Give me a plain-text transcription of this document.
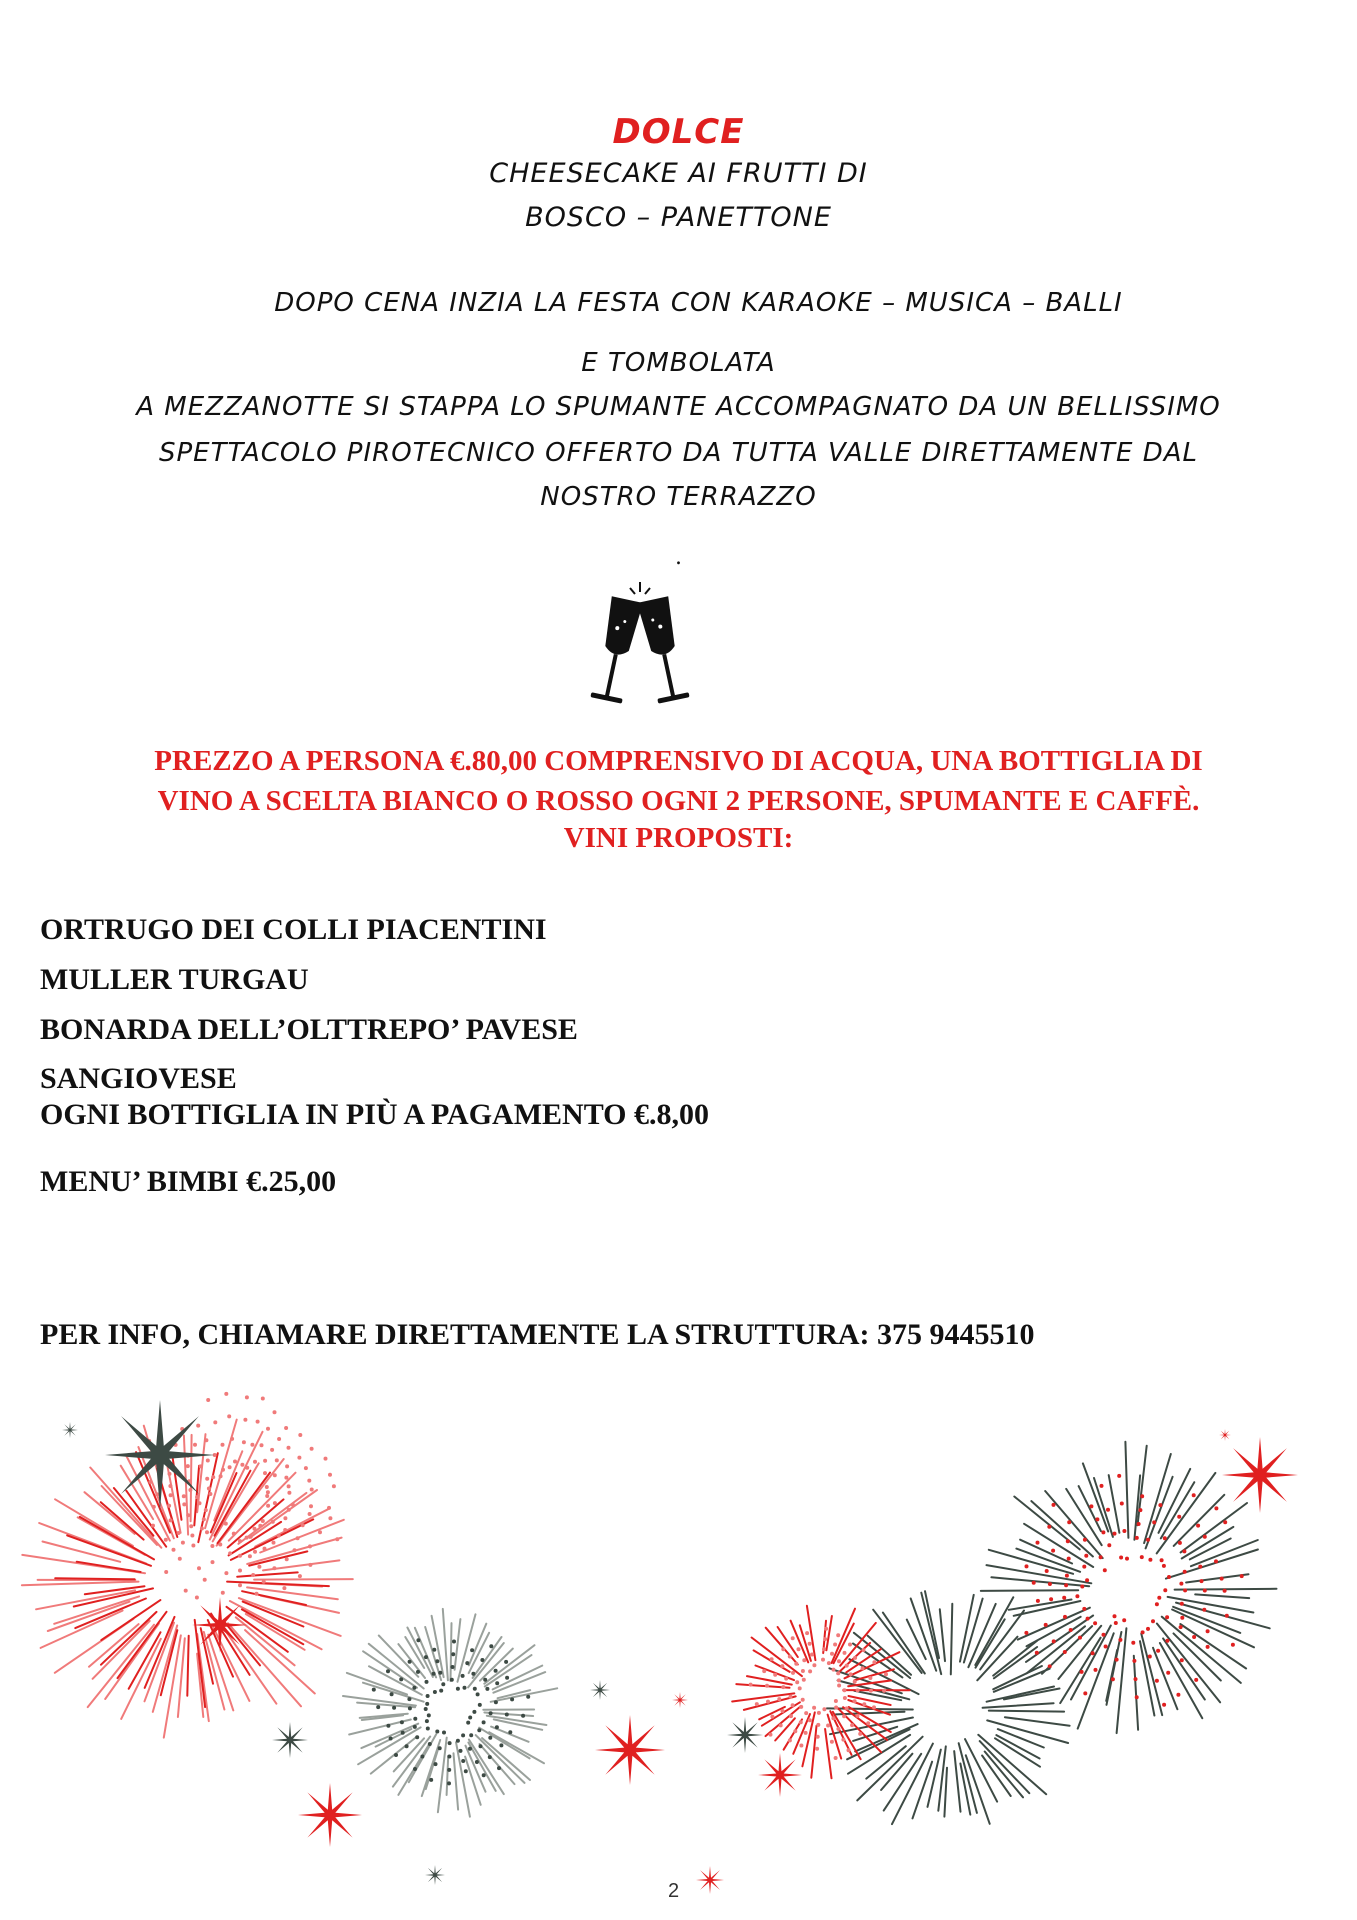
DOLCE
CHEESECAKE AI FRUTTI DI
BOSCO – PANETTONE
DOPO CENA INZIA LA FESTA CON KARAOKE – MUSICA – BALLI
E TOMBOLATA
A MEZZANOTTE SI STAPPA LO SPUMANTE ACCOMPAGNATO DA UN BELLISSIMO
SPETTACOLO PIROTECNICO OFFERTO DA TUTTA VALLE DIRETTAMENTE DAL
NOSTRO TERRAZZO
.
PREZZO A PERSONA €.80,00 COMPRENSIVO DI ACQUA, UNA BOTTIGLIA DI
VINO A SCELTA BIANCO O ROSSO OGNI 2 PERSONE, SPUMANTE E CAFFÈ.
VINI PROPOSTI:
ORTRUGO DEI COLLI PIACENTINI
MULLER TURGAU
BONARDA DELL’OLTTREPO’ PAVESE
SANGIOVESE
OGNI BOTTIGLIA IN PIÙ A PAGAMENTO €.8,00
MENU’ BIMBI €.25,00
PER INFO, CHIAMARE DIRETTAMENTE LA STRUTTURA: 375 9445510
2
